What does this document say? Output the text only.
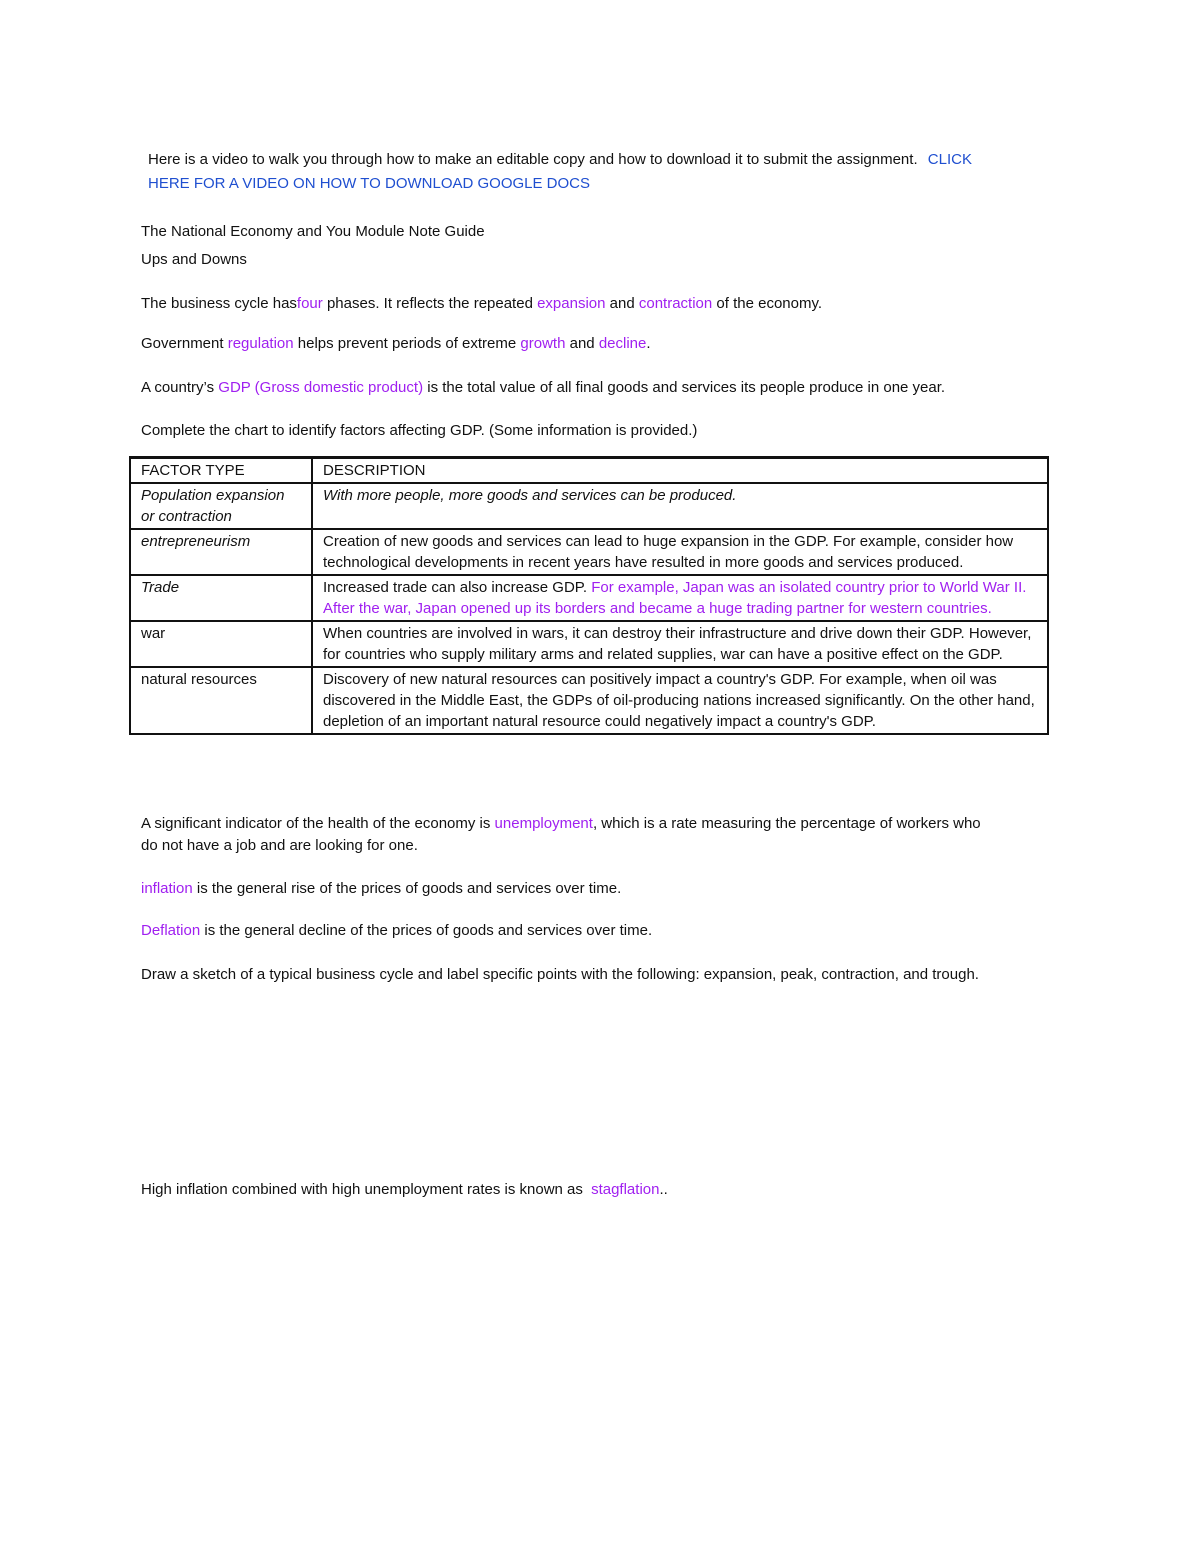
Here is a video to walk you through how to make an editable copy and how to download it to submit the assignment. CLICK
HERE FOR A VIDEO ON HOW TO DOWNLOAD GOOGLE DOCS
The National Economy and You Module Note Guide
Ups and Downs
The business cycle hasfour phases. It reflects the repeated expansion and contraction of the economy.
Government regulation helps prevent periods of extreme growth and decline.
A country’s GDP (Gross domestic product) is the total value of all final goods and services its people produce in one year.
Complete the chart to identify factors affecting GDP. (Some information is provided.)
FACTOR TYPE	DESCRIPTION
Population expansion or contraction	With more people, more goods and services can be produced.
entrepreneurism	Creation of new goods and services can lead to huge expansion in the GDP. For example, consider how technological developments in recent years have resulted in more goods and services produced.
Trade	Increased trade can also increase GDP. For example, Japan was an isolated country prior to World War II. After the war, Japan opened up its borders and became a huge trading partner for western countries.
war	When countries are involved in wars, it can destroy their infrastructure and drive down their GDP. However, for countries who supply military arms and related supplies, war can have a positive effect on the GDP.
natural resources	Discovery of new natural resources can positively impact a country's GDP. For example, when oil was discovered in the Middle East, the GDPs of oil-producing nations increased significantly. On the other hand, depletion of an important natural resource could negatively impact a country's GDP.
A significant indicator of the health of the economy is unemployment, which is a rate measuring the percentage of workers who
do not have a job and are looking for one.
inflation is the general rise of the prices of goods and services over time.
Deflation is the general decline of the prices of goods and services over time.
Draw a sketch of a typical business cycle and label specific points with the following: expansion, peak, contraction, and trough.
High inflation combined with high unemployment rates is known as stagflation..
